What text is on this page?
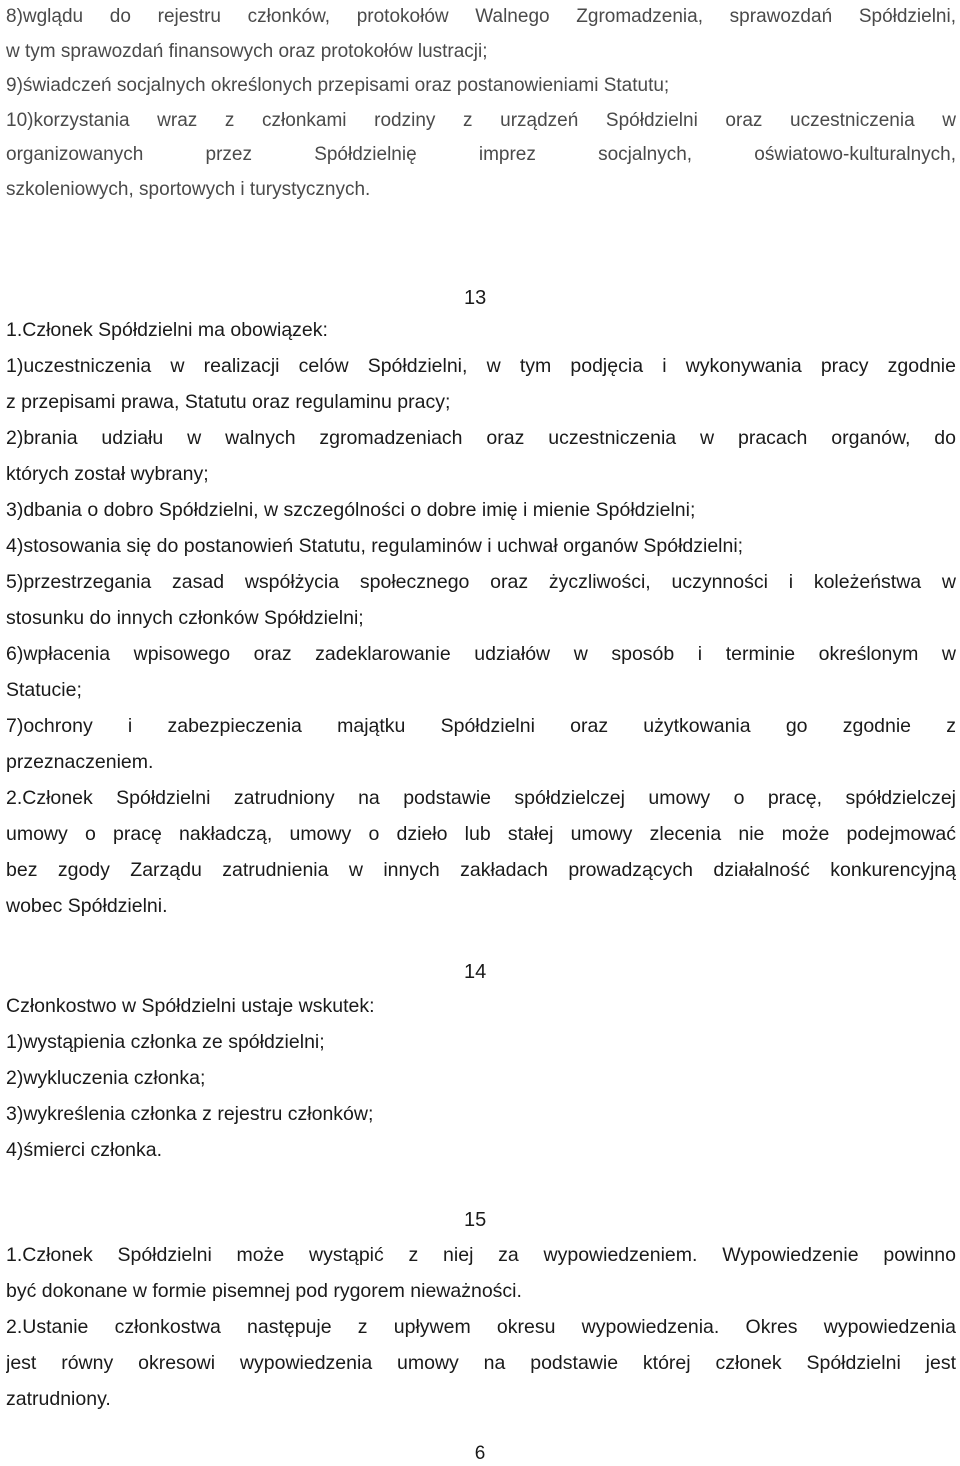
8)wglądu do rejestru członków, protokołów Walnego Zgromadzenia, sprawozdań Spółdzielni,
w tym sprawozdań finansowych oraz protokołów lustracji;
9)świadczeń socjalnych określonych przepisami oraz postanowieniami Statutu;
10)korzystania wraz z członkami rodziny z urządzeń Spółdzielni oraz uczestniczenia w
organizowanych przez Spółdzielnię imprez socjalnych, oświatowo-kulturalnych,
szkoleniowych, sportowych i turystycznych.
13
1.Członek Spółdzielni ma obowiązek:
1)uczestniczenia w realizacji celów Spółdzielni, w tym podjęcia i wykonywania pracy zgodnie
z przepisami prawa, Statutu oraz regulaminu pracy;
2)brania udziału w walnych zgromadzeniach oraz uczestniczenia w pracach organów, do
których został wybrany;
3)dbania o dobro Spółdzielni, w szczególności o dobre imię i mienie Spółdzielni;
4)stosowania się do postanowień Statutu, regulaminów i uchwał organów Spółdzielni;
5)przestrzegania zasad współżycia społecznego oraz życzliwości, uczynności i koleżeństwa w
stosunku do innych członków Spółdzielni;
6)wpłacenia wpisowego oraz zadeklarowanie udziałów w sposób i terminie określonym w
Statucie;
7)ochrony i zabezpieczenia majątku Spółdzielni oraz użytkowania go zgodnie z
przeznaczeniem.
2.Członek Spółdzielni zatrudniony na podstawie spółdzielczej umowy o pracę, spółdzielczej
umowy o pracę nakładczą, umowy o dzieło lub stałej umowy zlecenia nie może podejmować
bez zgody Zarządu zatrudnienia w innych zakładach prowadzących działalność konkurencyjną
wobec Spółdzielni.
14
Członkostwo w Spółdzielni ustaje wskutek:
1)wystąpienia członka ze spółdzielni;
2)wykluczenia członka;
3)wykreślenia członka z rejestru członków;
4)śmierci członka.
15
1.Członek Spółdzielni może wystąpić z niej za wypowiedzeniem. Wypowiedzenie powinno
być dokonane w formie pisemnej pod rygorem nieważności.
2.Ustanie członkostwa następuje z upływem okresu wypowiedzenia. Okres wypowiedzenia
jest równy okresowi wypowiedzenia umowy na podstawie której członek Spółdzielni jest
zatrudniony.
6
